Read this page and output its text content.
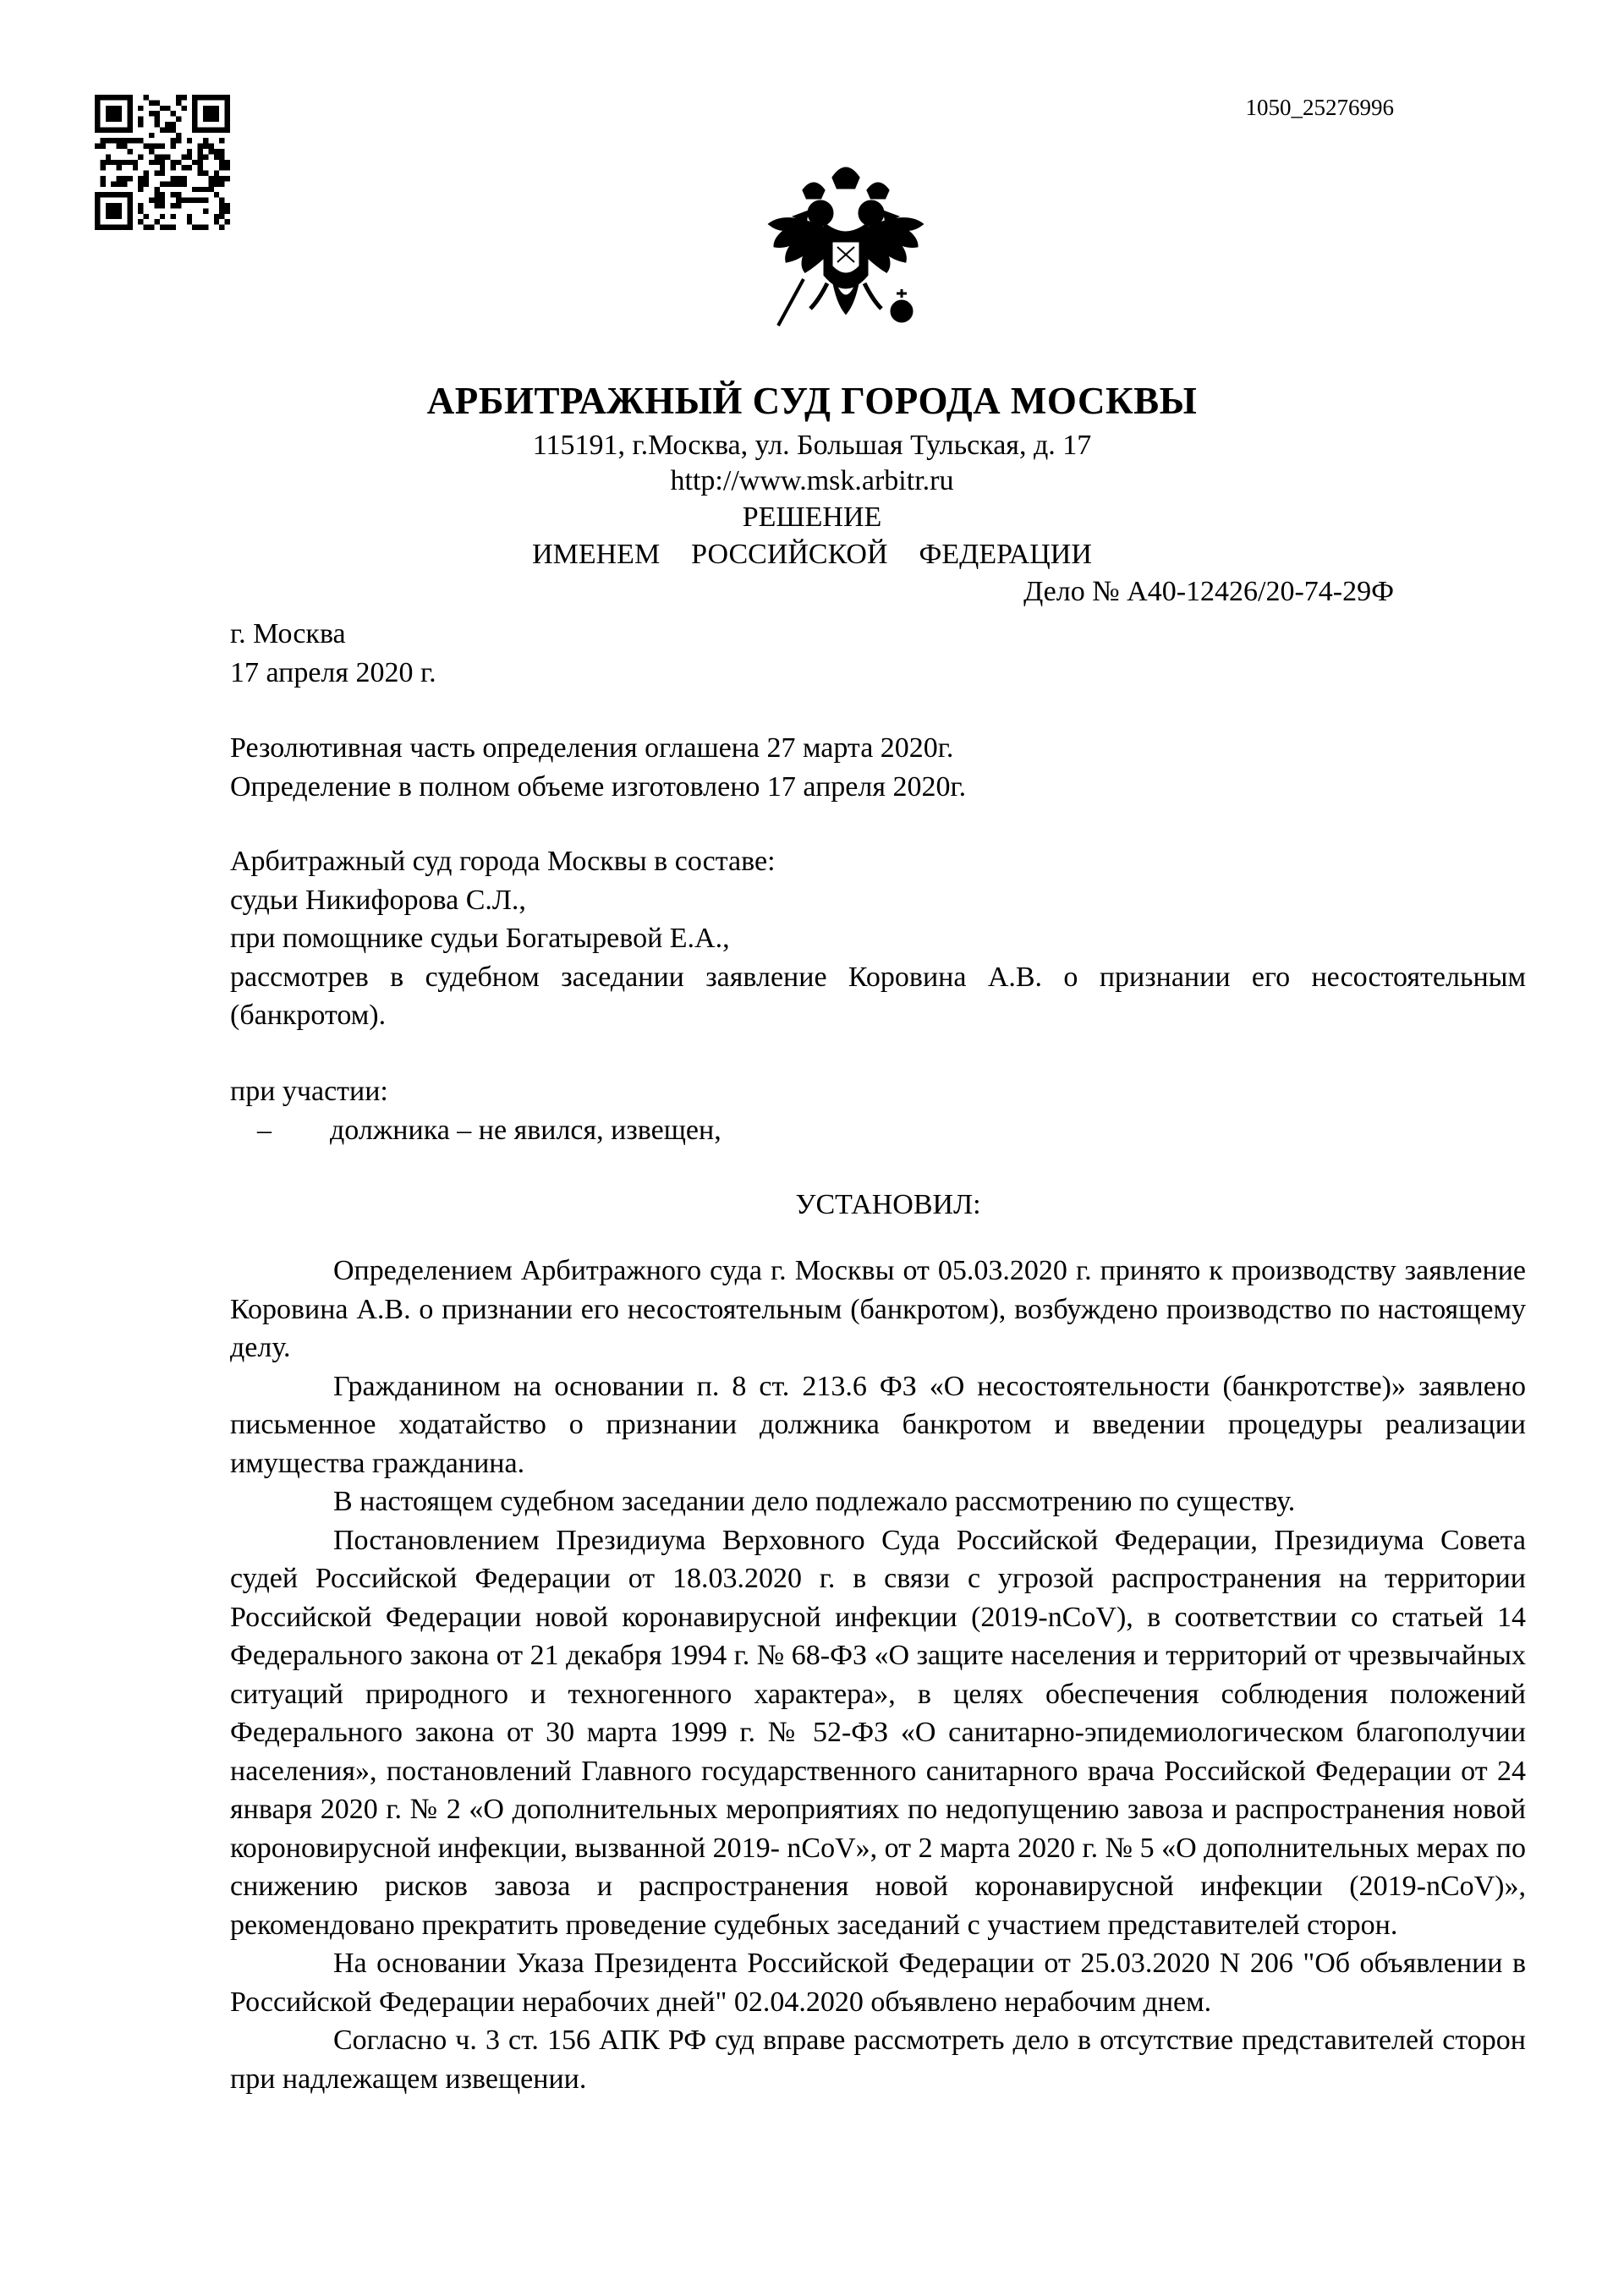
1050_25276996
АРБИТРАЖНЫЙ СУД ГОРОДА МОСКВЫ
115191, г.Москва, ул. Большая Тульская, д. 17
http://www.msk.arbitr.ru
РЕШЕНИЕ
ИМЕНЕМ  РОССИЙСКОЙ  ФЕДЕРАЦИИ
Дело № А40-12426/20-74-29Ф
г. Москва
17 апреля 2020 г.
Резолютивная часть определения оглашена 27 марта 2020г.
Определение в полном объеме изготовлено 17 апреля 2020г.
Арбитражный суд города Москвы в составе:
судьи Никифорова С.Л.,
при помощнике судьи Богатыревой Е.А.,

рассмотрев в судебном заседании заявление Коровина А.В. о признании его несостоятельным (банкротом).

при участии:
–	должника – не явился, извещен,
УСТАНОВИЛ:

Определением Арбитражного суда г. Москвы от 05.03.2020 г. принято к производству заявление Коровина А.В. о признании его несостоятельным (банкротом), возбуждено производство по настоящему делу.

Гражданином на основании п. 8 ст. 213.6 ФЗ «О несостоятельности (банкротстве)» заявлено письменное ходатайство о признании должника банкротом и введении процедуры реализации имущества гражданина.

В настоящем судебном заседании дело подлежало рассмотрению по существу.

Постановлением Президиума Верховного Суда Российской Федерации, Президиума Совета судей Российской Федерации от 18.03.2020 г. в связи с угрозой распространения на территории Российской Федерации новой коронавирусной инфекции (2019-nCoV), в соответствии со статьей 14 Федерального закона от 21 декабря 1994 г. № 68-ФЗ «О защите населения и территорий от чрезвычайных ситуаций природного и техногенного характера», в целях обеспечения соблюдения положений Федерального закона от 30 марта 1999 г. № 52-ФЗ «О санитарно-эпидемиологическом благополучии населения», постановлений Главного государственного санитарного врача Российской Федерации от 24 января 2020 г. № 2 «О дополнительных мероприятиях по недопущению завоза и распространения новой короновирусной инфекции, вызванной 2019- nCoV», от 2 марта 2020 г. № 5 «О дополнительных мерах по снижению рисков завоза и распространения новой коронавирусной инфекции (2019-nCoV)», рекомендовано прекратить проведение судебных заседаний с участием представителей сторон.

На основании Указа Президента Российской Федерации от 25.03.2020 N 206 "Об объявлении в Российской Федерации нерабочих дней" 02.04.2020 объявлено нерабочим днем.

Согласно ч. 3 ст. 156 АПК РФ суд вправе рассмотреть дело в отсутствие представителей сторон при надлежащем извещении.
